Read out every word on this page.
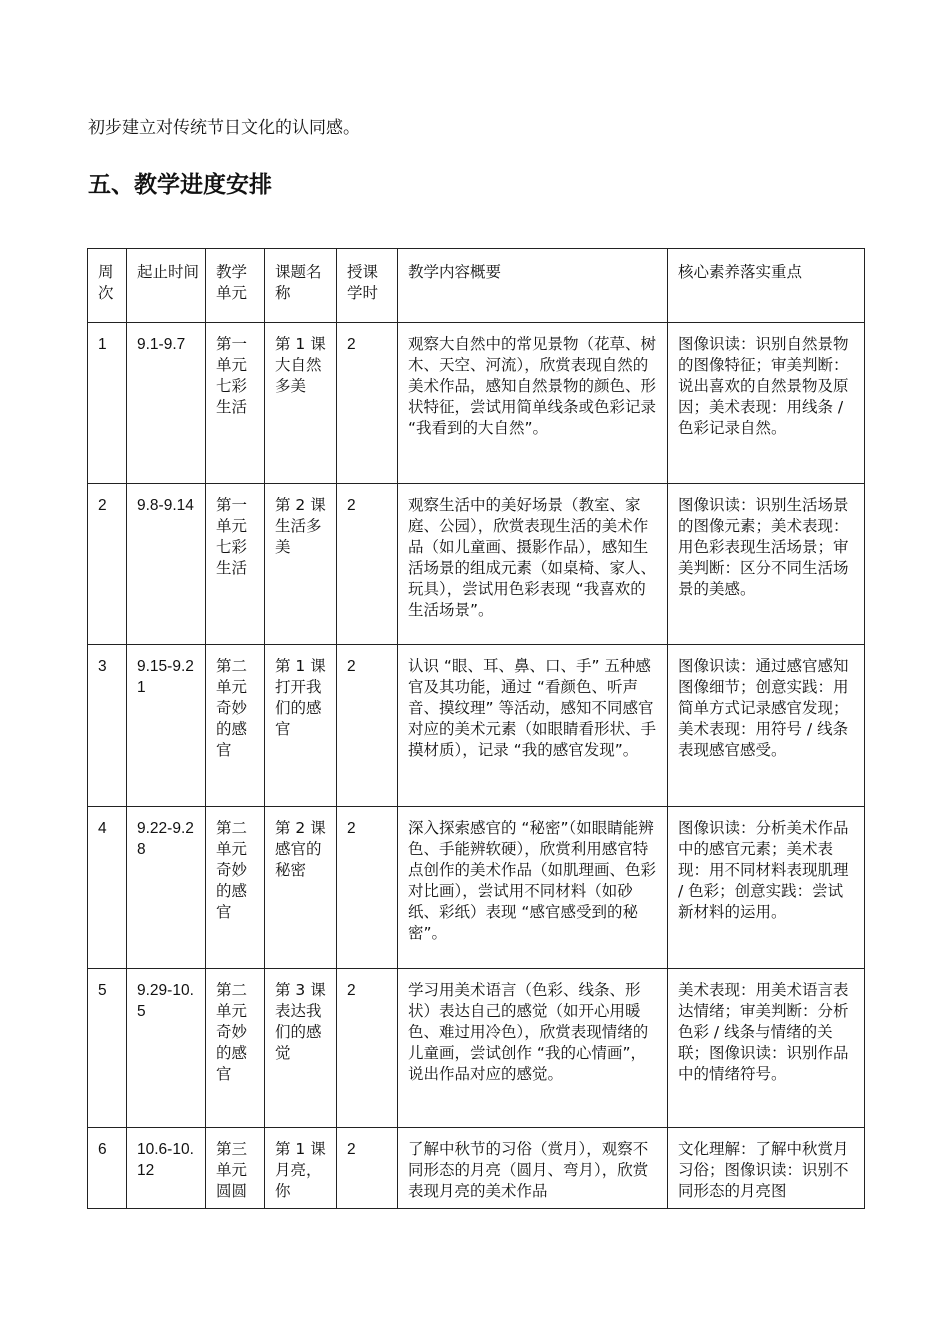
初步建立对传统节日文化的认同感。
五、教学进度安排
周次	起止时间	教学单元	课题名称	授课学时	教学内容概要	核心素养落实重点
1	9.1-9.7	第一单元七彩生活	第 1 课 大自然多美	2	观察大自然中的常见景物（花草、树木、天空、河流），欣赏表现自然的美术作品，感知自然景物的颜色、形状特征，尝试用简单线条或色彩记录 “我看到的大自然”。	图像识读：识别自然景物的图像特征；审美判断：说出喜欢的自然景物及原因；美术表现：用线条 / 色彩记录自然。
2	9.8-9.14	第一单元七彩生活	第 2 课 生活多美	2	观察生活中的美好场景（教室、家庭、公园），欣赏表现生活的美术作品（如儿童画、摄影作品），感知生活场景的组成元素（如桌椅、家人、玩具），尝试用色彩表现 “我喜欢的生活场景”。	图像识读：识别生活场景的图像元素；美术表现：用色彩表现生活场景；审美判断：区分不同生活场景的美感。
3	9.15-9.21	第二单元奇妙的感官	第 1 课 打开我们的感官	2	认识 “眼、耳、鼻、口、手” 五种感官及其功能，通过 “看颜色、听声音、摸纹理” 等活动，感知不同感官对应的美术元素（如眼睛看形状、手摸材质），记录 “我的感官发现”。	图像识读：通过感官感知图像细节；创意实践：用简单方式记录感官发现；美术表现：用符号 / 线条表现感官感受。
4	9.22-9.28	第二单元奇妙的感官	第 2 课 感官的秘密	2	深入探索感官的 “秘密”（如眼睛能辨色、手能辨软硬），欣赏利用感官特点创作的美术作品（如肌理画、色彩对比画），尝试用不同材料（如砂纸、彩纸）表现 “感官感受到的秘密”。	图像识读：分析美术作品中的感官元素；美术表现：用不同材料表现肌理 / 色彩；创意实践：尝试新材料的运用。
5	9.29-10.5	第二单元奇妙的感官	第 3 课 表达我们的感觉	2	学习用美术语言（色彩、线条、形状）表达自己的感觉（如开心用暖色、难过用冷色），欣赏表现情绪的儿童画，尝试创作 “我的心情画”，说出作品对应的感觉。	美术表现：用美术语言表达情绪；审美判断：分析色彩 / 线条与情绪的关联；图像识读：识别作品中的情绪符号。
6	10.6-10.12	第三单元圆圆	第 1 课 月亮，你	2	了解中秋节的习俗（赏月），观察不同形态的月亮（圆月、弯月），欣赏表现月亮的美术作品	文化理解：了解中秋赏月习俗；图像识读：识别不同形态的月亮图
